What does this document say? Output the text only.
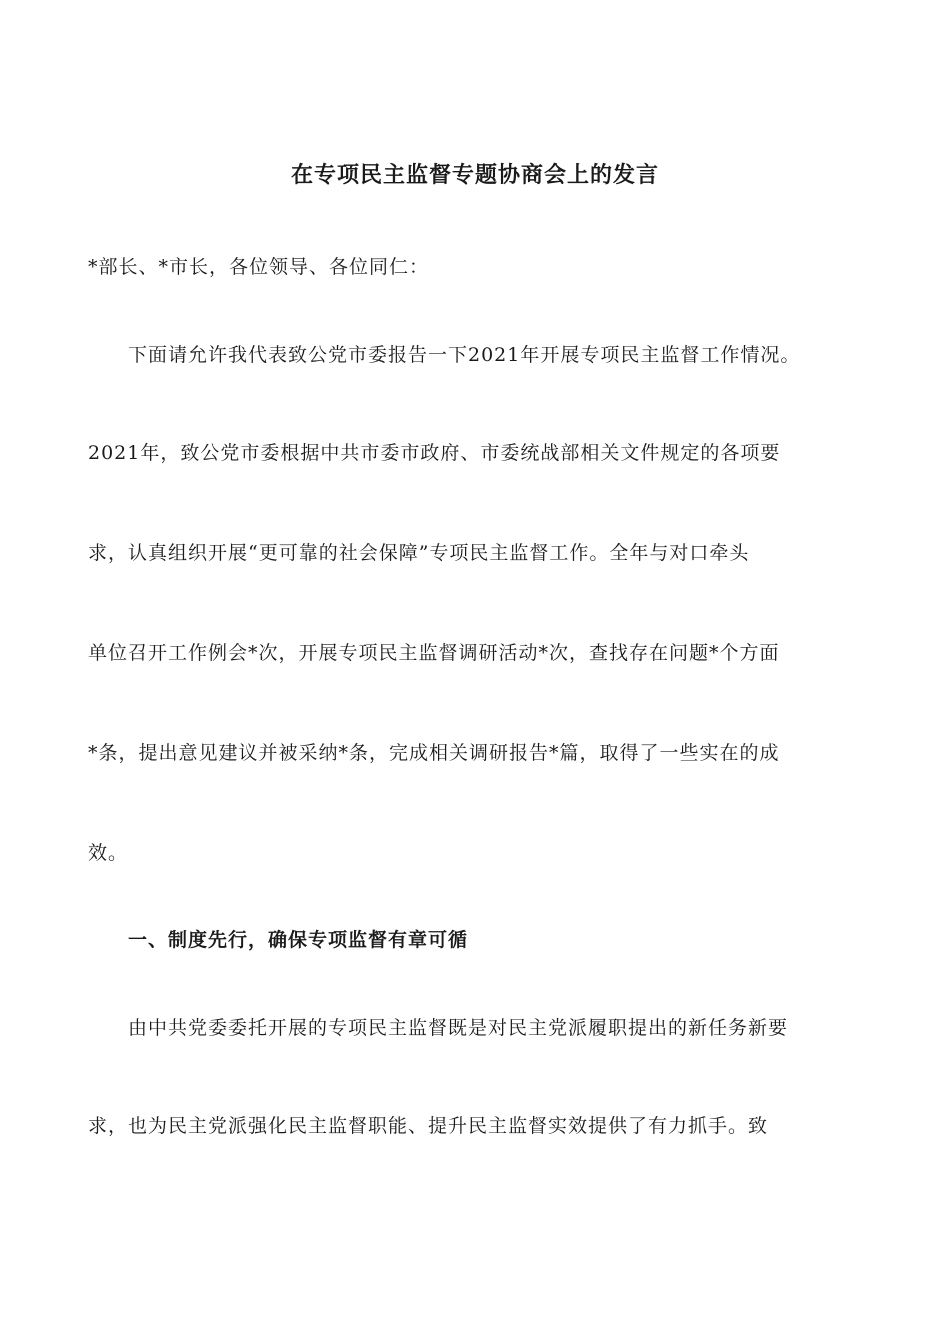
在专项民主监督专题协商会上的发言
*部长、*市长，各位领导、各位同仁：
下面请允许我代表致公党市委报告一下2021年开展专项民主监督工作情况。
2021年，致公党市委根据中共市委市政府、市委统战部相关文件规定的各项要
求，认真组织开展“更可靠的社会保障”专项民主监督工作。全年与对口牵头
单位召开工作例会*次，开展专项民主监督调研活动*次，查找存在问题*个方面
*条，提出意见建议并被采纳*条，完成相关调研报告*篇，取得了一些实在的成
效。
一、制度先行，确保专项监督有章可循
由中共党委委托开展的专项民主监督既是对民主党派履职提出的新任务新要
求，也为民主党派强化民主监督职能、提升民主监督实效提供了有力抓手。致
